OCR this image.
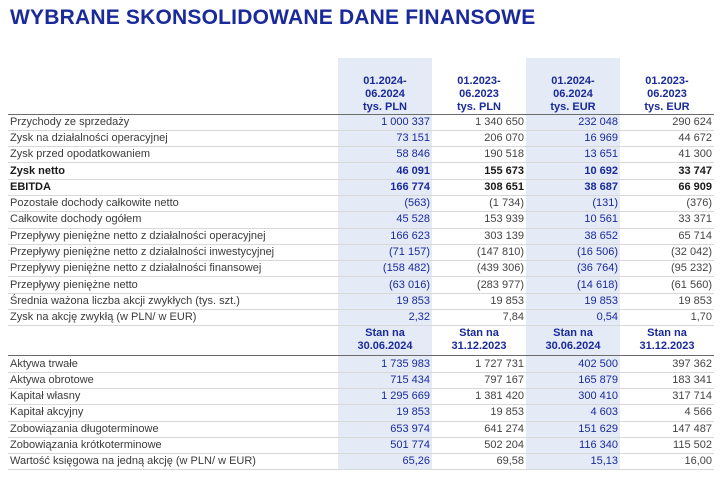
WYBRANE SKONSOLIDOWANE DANE FINANSOWE
	01.2024-
06.2024
tys. PLN	01.2023-
06.2023
tys. PLN	01.2024-
06.2024
tys. EUR	01.2023-
06.2023
tys. EUR
Przychody ze sprzedaży	1 000 337	1 340 650	232 048	290 624
Zysk na działalności operacyjnej	73 151	206 070	16 969	44 672
Zysk przed opodatkowaniem	58 846	190 518	13 651	41 300
Zysk netto	46 091	155 673	10 692	33 747
EBITDA	166 774	308 651	38 687	66 909
Pozostałe dochody całkowite netto	(563)	(1 734)	(131)	(376)
Całkowite dochody ogółem	45 528	153 939	10 561	33 371
Przepływy pieniężne netto z działalności operacyjnej	166 623	303 139	38 652	65 714
Przepływy pieniężne netto z działalności inwestycyjnej	(71 157)	(147 810)	(16 506)	(32 042)
Przepływy pieniężne netto z działalności finansowej	(158 482)	(439 306)	(36 764)	(95 232)
Przepływy pieniężne netto	(63 016)	(283 977)	(14 618)	(61 560)
Średnia ważona liczba akcji zwykłych (tys. szt.)	19 853	19 853	19 853	19 853
Zysk na akcję zwykłą (w PLN/ w EUR)	2,32	7,84	0,54	1,70
	Stan na
30.06.2024	Stan na
31.12.2023	Stan na
30.06.2024	Stan na
31.12.2023
Aktywa trwałe	1 735 983	1 727 731	402 500	397 362
Aktywa obrotowe	715 434	797 167	165 879	183 341
Kapitał własny	1 295 669	1 381 420	300 410	317 714
Kapitał akcyjny	19 853	19 853	4 603	4 566
Zobowiązania długoterminowe	653 974	641 274	151 629	147 487
Zobowiązania krótkoterminowe	501 774	502 204	116 340	115 502
Wartość księgowa na jedną akcję (w PLN/ w EUR)	65,26	69,58	15,13	16,00
